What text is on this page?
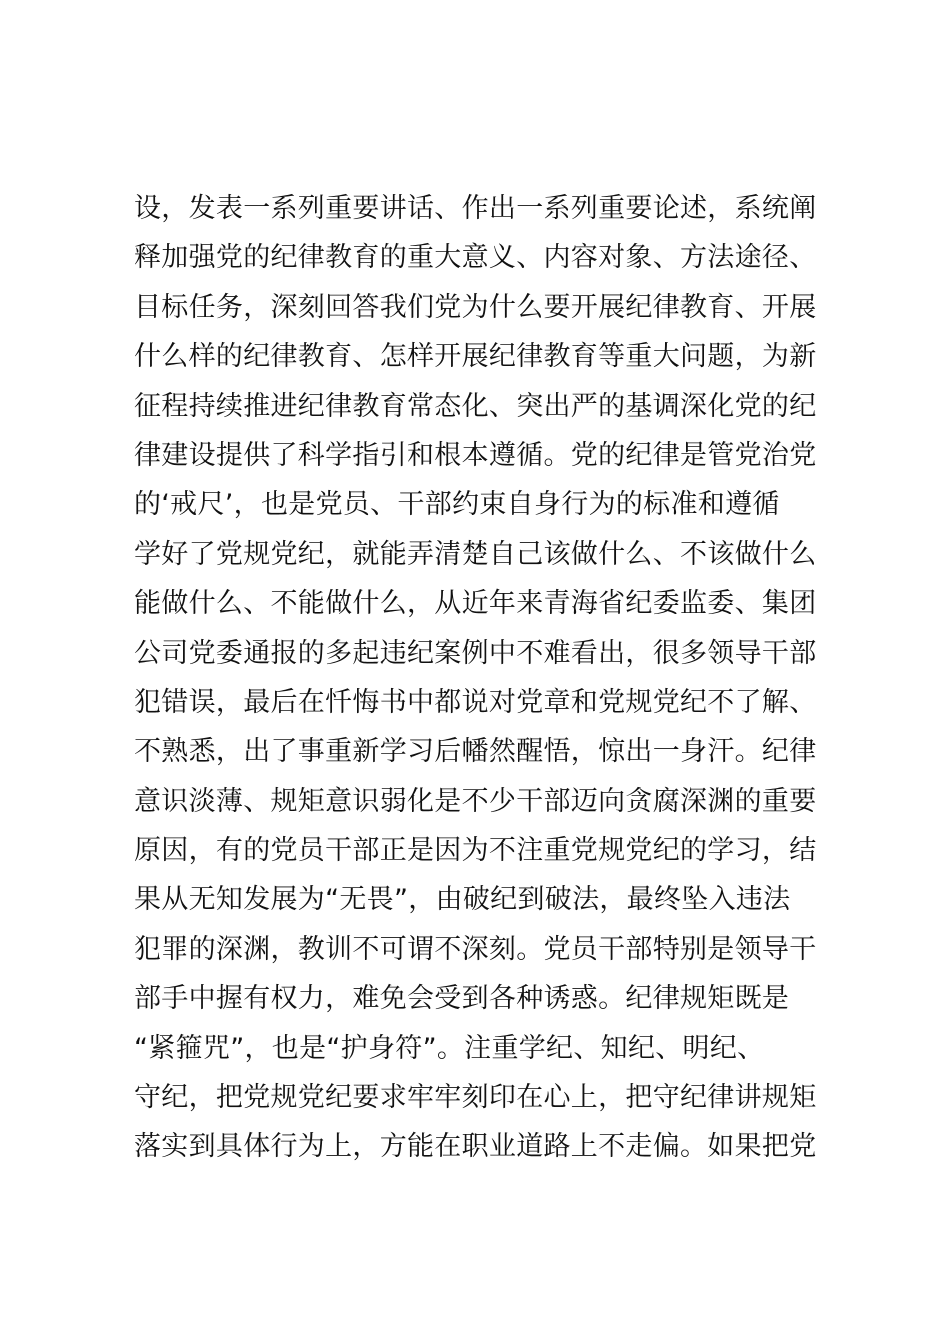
设，发表一系列重要讲话、作出一系列重要论述，系统阐
释加强党的纪律教育的重大意义、内容对象、方法途径、
目标任务，深刻回答我们党为什么要开展纪律教育、开展
什么样的纪律教育、怎样开展纪律教育等重大问题，为新
征程持续推进纪律教育常态化、突出严的基调深化党的纪
律建设提供了科学指引和根本遵循。党的纪律是管党治党
的‘戒尺’，也是党员、干部约束自身行为的标准和遵循
学好了党规党纪，就能弄清楚自己该做什么、不该做什么
能做什么、不能做什么，从近年来青海省纪委监委、集团
公司党委通报的多起违纪案例中不难看出，很多领导干部
犯错误，最后在忏悔书中都说对党章和党规党纪不了解、
不熟悉，出了事重新学习后幡然醒悟，惊出一身汗。纪律
意识淡薄、规矩意识弱化是不少干部迈向贪腐深渊的重要
原因，有的党员干部正是因为不注重党规党纪的学习，结
果从无知发展为“无畏”，由破纪到破法，最终坠入违法
犯罪的深渊，教训不可谓不深刻。党员干部特别是领导干
部手中握有权力，难免会受到各种诱惑。纪律规矩既是
“紧箍咒”，也是“护身符”。注重学纪、知纪、明纪、
守纪，把党规党纪要求牢牢刻印在心上，把守纪律讲规矩
落实到具体行为上，方能在职业道路上不走偏。如果把党
